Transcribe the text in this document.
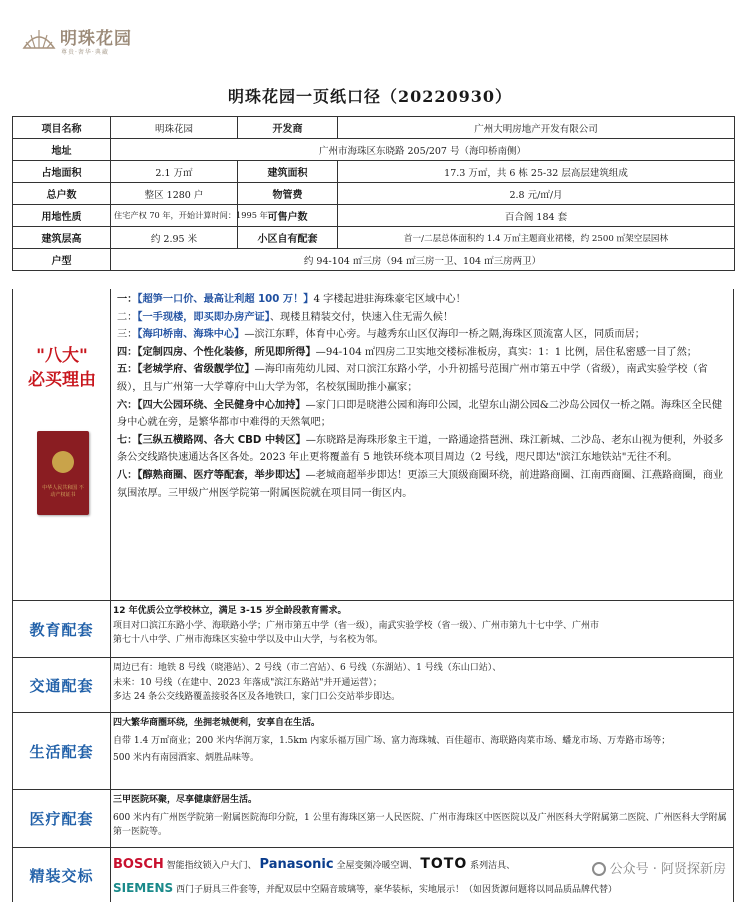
明珠花园
尊贵·奢华·典藏
明珠花园一页纸口径（20220930）
项目名称	明珠花园	开发商	广州大明房地产开发有限公司
地址	广州市海珠区东晓路 205/207 号（海印桥南侧）		
占地面积	2.1 万㎡	建筑面积	17.3 万㎡，共 6 栋 25-32 层高层建筑组成
总户数	整区 1280 户	物管费	2.8 元/㎡/月
用地性质	住宅产权 70 年，开始计算时间：1995 年	可售户数	百合阁 184 套
建筑层高	约 2.95 米	小区自有配套	首一/二层总体面积约 1.4 万㎡主题商业裙楼，约 2500 ㎡架空层园林
户型	约 94-104 ㎡三房（94 ㎡三房一卫、104 ㎡三房两卫）		
"八大"
必买理由
中华人民共和国 不动产权证书

一：【超笋一口价、最高让利超 100 万！】4 字楼起进驻海珠豪宅区域中心！

二：【一手现楼，即买即办房产证】、现楼且精装交付，快速入住无需久候！

三：【海印桥南、海珠中心】—滨江东畔，体育中心旁。与越秀东山区仅海印一桥之隔,海珠区顶流富人区，同质而居；

四：【定制四房、个性化装修，所见即所得】—94-104 ㎡四房二卫实地交楼标准板房，真实：1：1 比例，居住私密感一目了然；

五：【老城学府、省级靓学位】—海印南苑幼儿园、对口滨江东路小学，小升初摇号范围广州市第五中学（省级），南武实验学校（省级），且与广州第一大学尊府中山大学为邻，名校氛围助推小赢家；

六：【四大公园环绕、全民健身中心加持】—家门口即是晓港公园和海印公园，北望东山湖公园&二沙岛公园仅一桥之隔。海珠区全民健身中心就在旁，是繁华都市中难得的天然氧吧；

七：【三纵五横路网、各大 CBD 中转区】—东晓路是海珠形象主干道，一路通途搭琶洲、珠江新城、二沙岛、老东山视为便利，外驳多条公交线路快速通达各区各处。2023 年止更将覆盖有 5 地铁环绕本项目周边（2 号线，咫尺即达"滨江东地铁站"无往不利。

八：【醇熟商圈、医疗等配套，举步即达】—老城商超举步即达！更添三大顶级商圈环绕，前进路商圈、江南西商圈、江燕路商圈，商业氛围浓厚。三甲级广州医学院第一附属医院就在项目同一街区内。

教育配套
12 年优质公立学校林立，满足 3-15 岁全龄段教育需求。
项目对口滨江东路小学、海联路小学；广州市第五中学（省一级），南武实验学校（省一级）、广州市第九十七中学、广州市
第七十八中学、广州市海珠区实验中学以及中山大学，与名校为邻。
交通配套
周边已有：地铁 8 号线（晓港站）、2 号线（市二宫站）、6 号线（东湖站）、1 号线（东山口站）、
未来：10 号线（在建中、2023 年落成"滨江东路站"并开通运营）；
多达 24 条公交线路覆盖接驳各区及各地铁口，家门口公交站举步即达。
生活配套
四大繁华商圈环绕，坐拥老城便利，安享自在生活。
自带 1.4 万㎡商业；200 米内华润万家，1.5km 内家乐福万国广场、富力海珠城、百佳超市、海联路肉菜市场、蟠龙市场、万寿路市场等；
500 米内有南园酒家、炳胜品味等。
医疗配套
三甲医院环聚，尽享健康舒居生活。
600 米内有广州医学院第一附属医院海印分院，1 公里有海珠区第一人民医院、广州市海珠区中医医院以及广州医科大学附属第二医院、广州医科大学附属第一医院等。
精装交标
BOSCH 智能指纹锁入户大门、 Panasonic 全屋变频冷暖空调、 TOTO 系列洁具、
SIEMENS 西门子厨具三件套等，并配双层中空隔音玻璃等，豪华装标，实地展示！（如因货源问题将以同品质品牌代替）
公众号 · 阿贤探新房
